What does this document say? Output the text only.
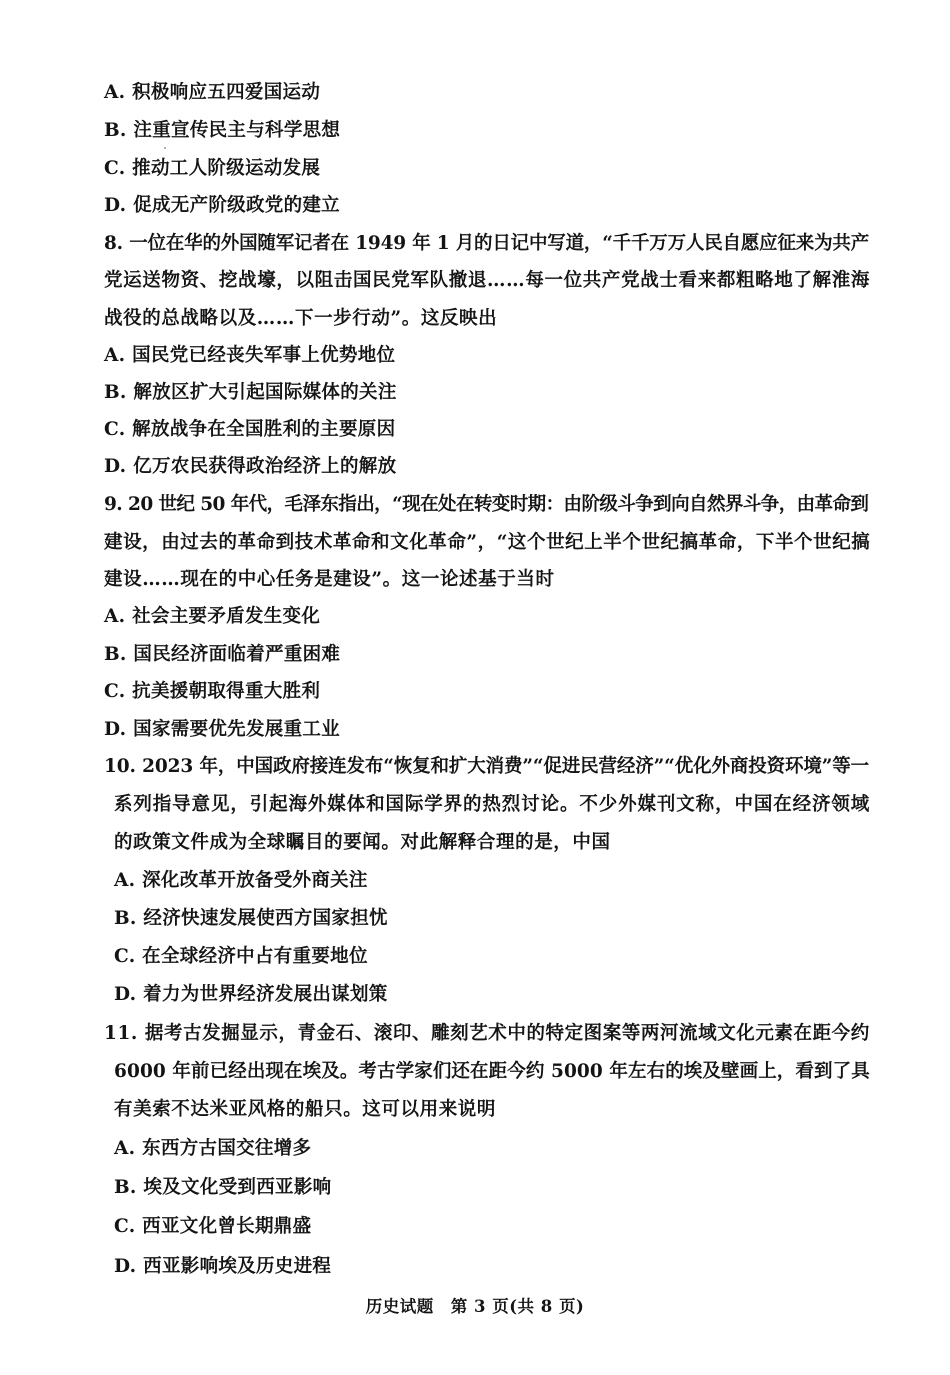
A. 积极响应五四爱国运动
B. 注重宣传民主与科学思想
C. 推动工人阶级运动发展
D. 促成无产阶级政党的建立
8. 一位在华的外国随军记者在 1949 年 1 月的日记中写道，“千千万万人民自愿应征来为共产
党运送物资、挖战壕，以阻击国民党军队撤退……每一位共产党战士看来都粗略地了解淮海
战役的总战略以及……下一步行动”。这反映出
A. 国民党已经丧失军事上优势地位
B. 解放区扩大引起国际媒体的关注
C. 解放战争在全国胜利的主要原因
D. 亿万农民获得政治经济上的解放
9. 20 世纪 50 年代，毛泽东指出，“现在处在转变时期：由阶级斗争到向自然界斗争，由革命到
建设，由过去的革命到技术革命和文化革命”，“这个世纪上半个世纪搞革命，下半个世纪搞
建设……现在的中心任务是建设”。这一论述基于当时
A. 社会主要矛盾发生变化
B. 国民经济面临着严重困难
C. 抗美援朝取得重大胜利
D. 国家需要优先发展重工业
10. 2023 年，中国政府接连发布“恢复和扩大消费”“促进民营经济”“优化外商投资环境”等一
系列指导意见，引起海外媒体和国际学界的热烈讨论。不少外媒刊文称，中国在经济领域
的政策文件成为全球瞩目的要闻。对此解释合理的是，中国
A. 深化改革开放备受外商关注
B. 经济快速发展使西方国家担忧
C. 在全球经济中占有重要地位
D. 着力为世界经济发展出谋划策
11. 据考古发掘显示，青金石、滚印、雕刻艺术中的特定图案等两河流域文化元素在距今约
6000 年前已经出现在埃及。考古学家们还在距今约 5000 年左右的埃及壁画上，看到了具
有美索不达米亚风格的船只。这可以用来说明
A. 东西方古国交往增多
B. 埃及文化受到西亚影响
C. 西亚文化曾长期鼎盛
D. 西亚影响埃及历史进程
历史试题　第 3 页(共 8 页)
